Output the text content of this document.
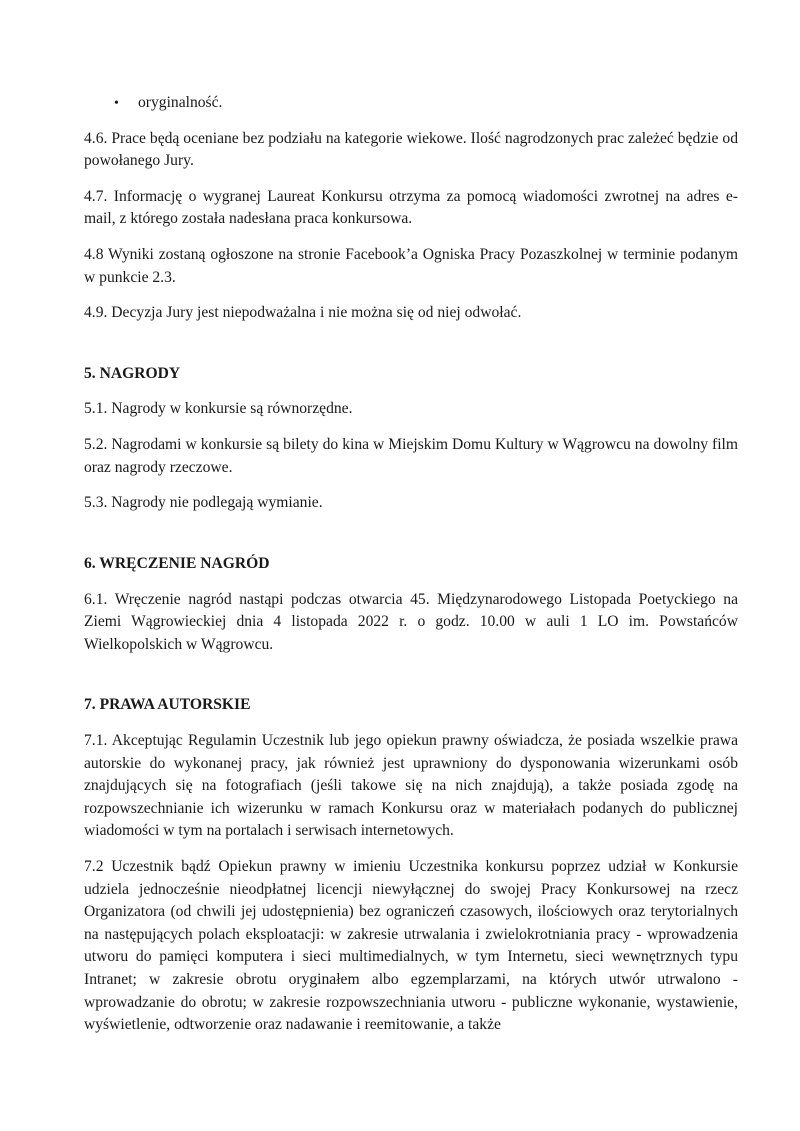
•	oryginalność.

4.6. Prace będą oceniane bez podziału na kategorie wiekowe. Ilość nagrodzonych prac zależeć będzie od powołanego Jury.

4.7. Informację o wygranej Laureat Konkursu otrzyma za pomocą wiadomości zwrotnej na adres e- mail, z którego została nadesłana praca konkursowa.

4.8 Wyniki zostaną ogłoszone na stronie Facebook’a Ogniska Pracy Pozaszkolnej w terminie podanym w punkcie 2.3.

4.9. Decyzja Jury jest niepodważalna i nie można się od niej odwołać.

5. NAGRODY

5.1. Nagrody w konkursie są równorzędne.

5.2. Nagrodami w konkursie są bilety do kina w Miejskim Domu Kultury w Wągrowcu na dowolny film oraz nagrody rzeczowe.

5.3. Nagrody nie podlegają wymianie.

6. WRĘCZENIE NAGRÓD

6.1. Wręczenie nagród nastąpi podczas otwarcia 45. Międzynarodowego Listopada Poetyckiego na Ziemi Wągrowieckiej dnia 4 listopada 2022 r. o godz. 10.00 w auli 1 LO im. Powstańców Wielkopolskich w Wągrowcu.

7. PRAWA AUTORSKIE

7.1. Akceptując Regulamin Uczestnik lub jego opiekun prawny oświadcza, że posiada wszelkie prawa autorskie do wykonanej pracy, jak również jest uprawniony do dysponowania wizerunkami osób znajdujących się na fotografiach (jeśli takowe się na nich znajdują), a także posiada zgodę na rozpowszechnianie ich wizerunku w ramach Konkursu oraz w materiałach podanych do publicznej wiadomości w tym na portalach i serwisach internetowych.

7.2 Uczestnik bądź Opiekun prawny w imieniu Uczestnika konkursu poprzez udział w Konkursie udziela jednocześnie nieodpłatnej licencji niewyłącznej do swojej Pracy Konkursowej na rzecz Organizatora (od chwili jej udostępnienia) bez ograniczeń czasowych, ilościowych oraz terytorialnych na następujących polach eksploatacji: w zakresie utrwalania i zwielokrotniania pracy - wprowadzenia utworu do pamięci komputera i sieci multimedialnych, w tym Internetu, sieci wewnętrznych typu Intranet; w zakresie obrotu oryginałem albo egzemplarzami, na których utwór utrwalono - wprowadzanie do obrotu; w zakresie rozpowszechniania utworu - publiczne wykonanie, wystawienie, wyświetlenie, odtworzenie oraz nadawanie i reemitowanie, a także
